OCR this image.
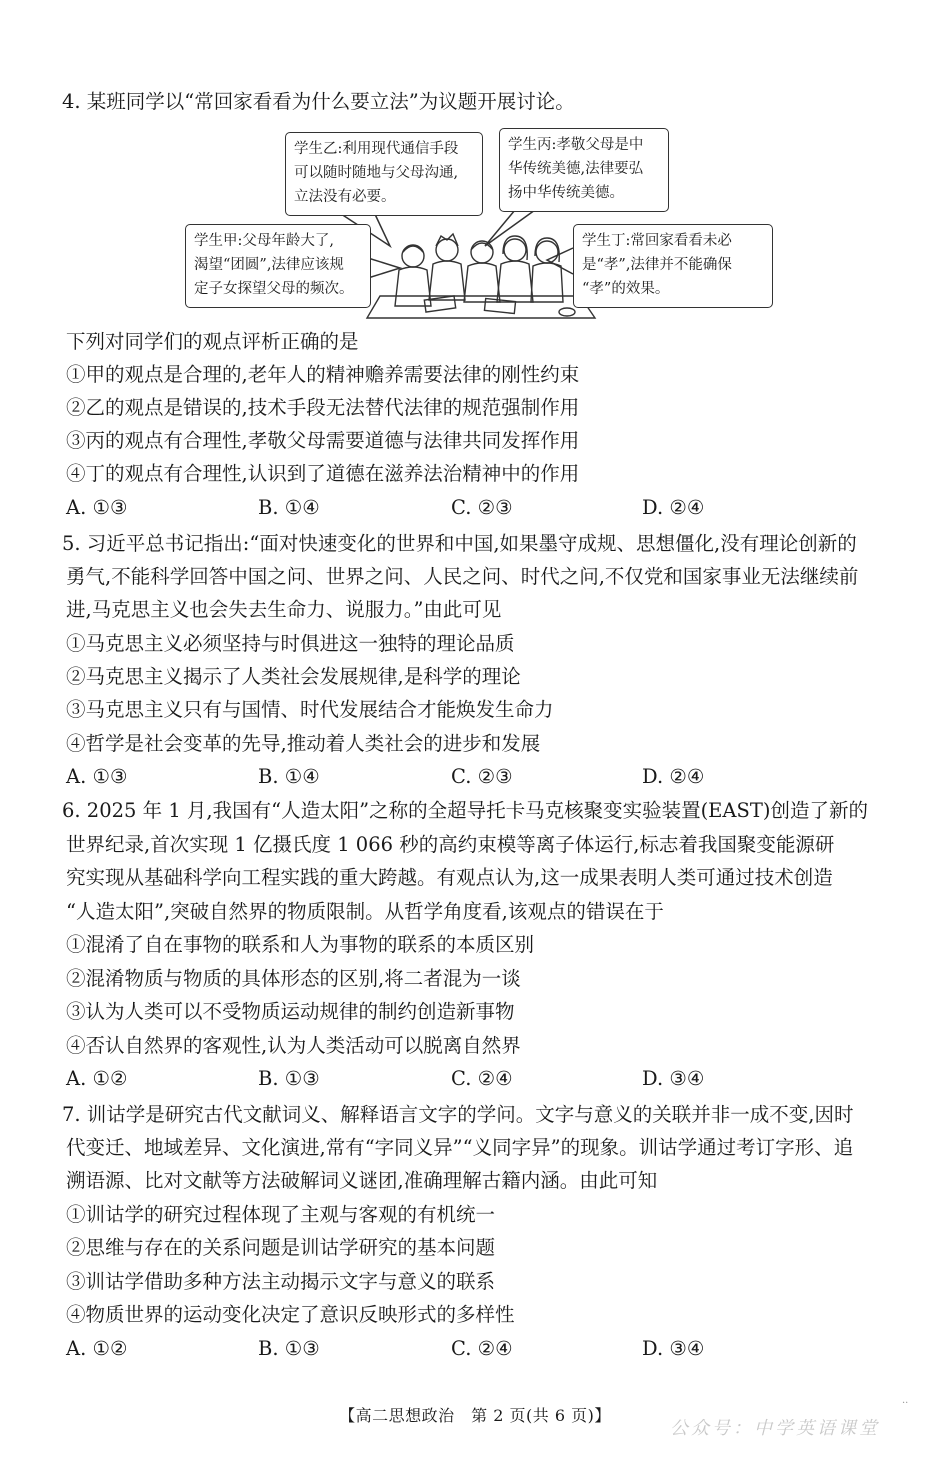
4. 某班同学以“常回家看看为什么要立法”为议题开展讨论。
学生乙:利用现代通信手段
可以随时随地与父母沟通,
立法没有必要。
学生丙:孝敬父母是中
华传统美德,法律要弘
扬中华传统美德。
学生甲:父母年龄大了,
渴望“团圆”,法律应该规
定子女探望父母的频次。
学生丁:常回家看看未必
是“孝”,法律并不能确保
“孝”的效果。
下列对同学们的观点评析正确的是
①甲的观点是合理的,老年人的精神赡养需要法律的刚性约束
②乙的观点是错误的,技术手段无法替代法律的规范强制作用
③丙的观点有合理性,孝敬父母需要道德与法律共同发挥作用
④丁的观点有合理性,认识到了道德在滋养法治精神中的作用
A. ①③	B. ①④	C. ②③	D. ②④
5. 习近平总书记指出:“面对快速变化的世界和中国,如果墨守成规、思想僵化,没有理论创新的
勇气,不能科学回答中国之问、世界之问、人民之问、时代之问,不仅党和国家事业无法继续前
进,马克思主义也会失去生命力、说服力。”由此可见
①马克思主义必须坚持与时俱进这一独特的理论品质
②马克思主义揭示了人类社会发展规律,是科学的理论
③马克思主义只有与国情、时代发展结合才能焕发生命力
④哲学是社会变革的先导,推动着人类社会的进步和发展
A. ①③	B. ①④	C. ②③	D. ②④
6. 2025 年 1 月,我国有“人造太阳”之称的全超导托卡马克核聚变实验装置(EAST)创造了新的
世界纪录,首次实现 1 亿摄氏度 1 066 秒的高约束模等离子体运行,标志着我国聚变能源研
究实现从基础科学向工程实践的重大跨越。有观点认为,这一成果表明人类可通过技术创造
“人造太阳”,突破自然界的物质限制。从哲学角度看,该观点的错误在于
①混淆了自在事物的联系和人为事物的联系的本质区别
②混淆物质与物质的具体形态的区别,将二者混为一谈
③认为人类可以不受物质运动规律的制约创造新事物
④否认自然界的客观性,认为人类活动可以脱离自然界
A. ①②	B. ①③	C. ②④	D. ③④
7. 训诂学是研究古代文献词义、解释语言文字的学问。文字与意义的关联并非一成不变,因时
代变迁、地域差异、文化演进,常有“字同义异”“义同字异”的现象。训诂学通过考订字形、追
溯语源、比对文献等方法破解词义谜团,准确理解古籍内涵。由此可知
①训诂学的研究过程体现了主观与客观的有机统一
②思维与存在的关系问题是训诂学研究的基本问题
③训诂学借助多种方法主动揭示文字与意义的联系
④物质世界的运动变化决定了意识反映形式的多样性
A. ①②	B. ①③	C. ②④	D. ③④
【高二思想政治　第 2 页(共 6 页)】
··
公众号：中学英语课堂
